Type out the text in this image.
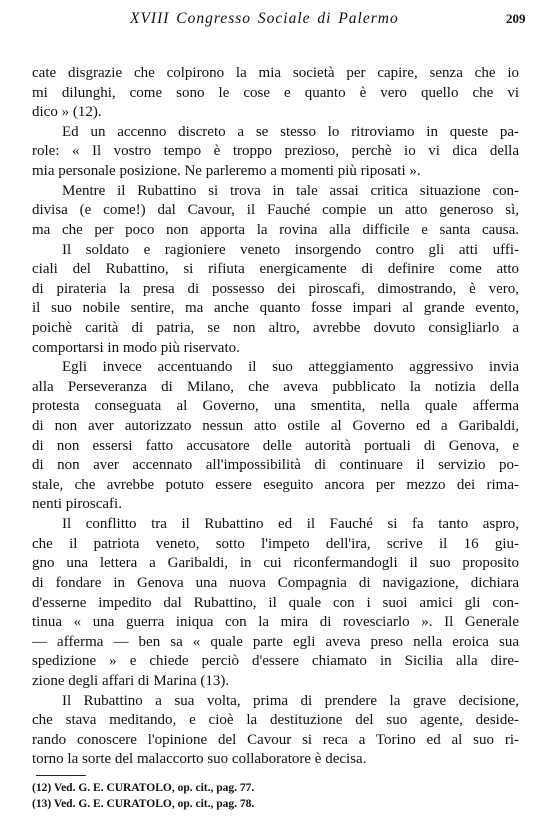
XVIII Congresso Sociale di Palermo	209
cate disgrazie che colpirono la mia società per capire, senza che io
mi dilunghi, come sono le cose e quanto è vero quello che vi
dico » (12).
Ed un accenno discreto a se stesso lo ritroviamo in queste pa-
role: « Il vostro tempo è troppo prezioso, perchè io vi dica della
mia personale posizione. Ne parleremo a momenti più riposati ».
Mentre il Rubattino si trova in tale assai critica situazione con-
divisa (e come!) dal Cavour, il Fauché compie un atto generoso sì,
ma che per poco non apporta la rovina alla difficile e santa causa.
Il soldato e ragioniere veneto insorgendo contro gli atti uffi-
ciali del Rubattino, si rifiuta energicamente di definire come atto
di pirateria la presa di possesso dei piroscafi, dimostrando, è vero,
il suo nobile sentire, ma anche quanto fosse impari al grande evento,
poichè carità di patria, se non altro, avrebbe dovuto consigliarlo a
comportarsi in modo più riservato.
Egli invece accentuando il suo atteggiamento aggressivo invia
alla Perseveranza di Milano, che aveva pubblicato la notizia della
protesta conseguata al Governo, una smentita, nella quale afferma
di non aver autorizzato nessun atto ostile al Governo ed a Garibaldi,
di non essersi fatto accusatore delle autorità portuali di Genova, e
di non aver accennato all'impossibilità di continuare il servizio po-
stale, che avrebbe potuto essere eseguito ancora per mezzo dei rima-
nenti piroscafi.
Il conflitto tra il Rubattino ed il Fauché si fa tanto aspro,
che il patriota veneto, sotto l'impeto dell'ira, scrive il 16 giu-
gno una lettera a Garibaldi, in cui riconfermandogli il suo proposito
di fondare in Genova una nuova Compagnia di navigazione, dichiara
d'esserne impedito dal Rubattino, il quale con i suoi amici gli con-
tinua « una guerra iniqua con la mira di rovesciarlo ». Il Generale
— afferma — ben sa « quale parte egli aveva preso nella eroica sua
spedizione » e chiede perciò d'essere chiamato in Sicilia alla dire-
zione degli affari di Marina (13).
Il Rubattino a sua volta, prima di prendere la grave decisione,
che stava meditando, e cioè la destituzione del suo agente, deside-
rando conoscere l'opinione del Cavour si reca a Torino ed al suo ri-
torno la sorte del malaccorto suo collaboratore è decisa.
(12) Ved. G. E. CURATOLO, op. cit., pag. 77.
(13) Ved. G. E. CURATOLO, op. cit., pag. 78.
